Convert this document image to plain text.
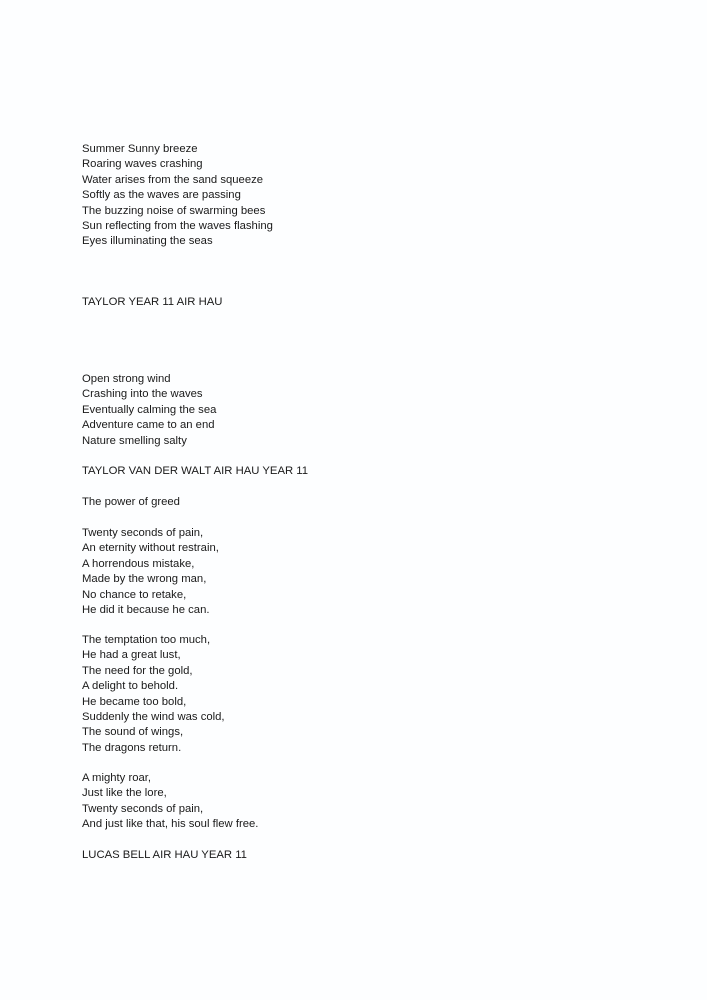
Summer Sunny breeze
Roaring waves crashing
Water arises from the sand squeeze
Softly as the waves are passing
The buzzing noise of swarming bees
Sun reflecting from the waves flashing
Eyes illuminating the seas
TAYLOR YEAR 11 AIR HAU
Open strong wind
Crashing into the waves
Eventually calming the sea
Adventure came to an end
Nature smelling salty
TAYLOR VAN DER WALT AIR HAU YEAR 11
The power of greed
Twenty seconds of pain,
An eternity without restrain,
A horrendous mistake,
Made by the wrong man,
No chance to retake,
He did it because he can.
The temptation too much,
He had a great lust,
The need for the gold,
A delight to behold.
He became too bold,
Suddenly the wind was cold,
The sound of wings,
The dragons return.
A mighty roar,
Just like the lore,
Twenty seconds of pain,
And just like that, his soul flew free.
LUCAS BELL AIR HAU YEAR 11
